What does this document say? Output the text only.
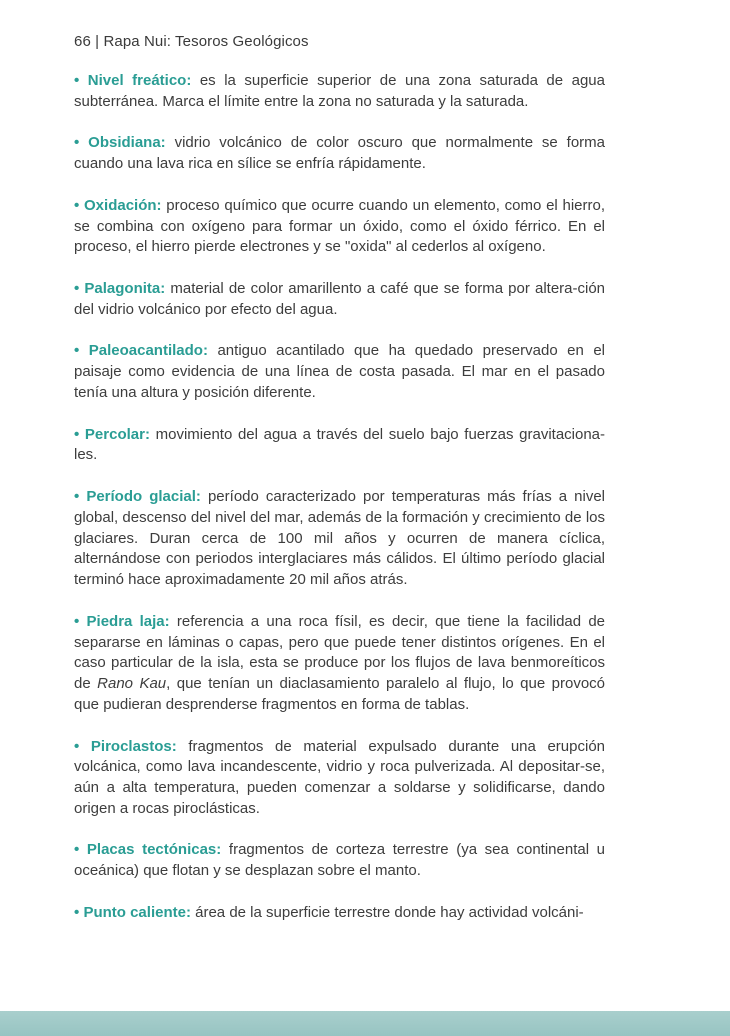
66 | Rapa Nui: Tesoros Geológicos

• Nivel freático: es la superficie superior de una zona saturada de agua subterránea. Marca el límite entre la zona no saturada y la saturada.

• Obsidiana: vidrio volcánico de color oscuro que normalmente se forma cuando una lava rica en sílice se enfría rápidamente.

• Oxidación: proceso químico que ocurre cuando un elemento, como el hierro, se combina con oxígeno para formar un óxido, como el óxido férrico. En el proceso, el hierro pierde electrones y se "oxida" al cederlos al oxígeno.

• Palagonita: material de color amarillento a café que se forma por altera-ción del vidrio volcánico por efecto del agua.

• Paleoacantilado: antiguo acantilado que ha quedado preservado en el paisaje como evidencia de una línea de costa pasada. El mar en el pasado tenía una altura y posición diferente.

• Percolar: movimiento del agua a través del suelo bajo fuerzas gravitaciona-les.

• Período glacial: período caracterizado por temperaturas más frías a nivel global, descenso del nivel del mar, además de la formación y crecimiento de los glaciares. Duran cerca de 100 mil años y ocurren de manera cíclica, alternándose con periodos interglaciares más cálidos. El último período glacial terminó hace aproximadamente 20 mil años atrás.

• Piedra laja: referencia a una roca físil, es decir, que tiene la facilidad de separarse en láminas o capas, pero que puede tener distintos orígenes. En el caso particular de la isla, esta se produce por los flujos de lava benmoreíticos de Rano Kau, que tenían un diaclasamiento paralelo al flujo, lo que provocó que pudieran desprenderse fragmentos en forma de tablas.

• Piroclastos: fragmentos de material expulsado durante una erupción volcánica, como lava incandescente, vidrio y roca pulverizada. Al depositar-se, aún a alta temperatura, pueden comenzar a soldarse y solidificarse, dando origen a rocas piroclásticas.

• Placas tectónicas: fragmentos de corteza terrestre (ya sea continental u oceánica) que flotan y se desplazan sobre el manto.

• Punto caliente: área de la superficie terrestre donde hay actividad volcáni-
